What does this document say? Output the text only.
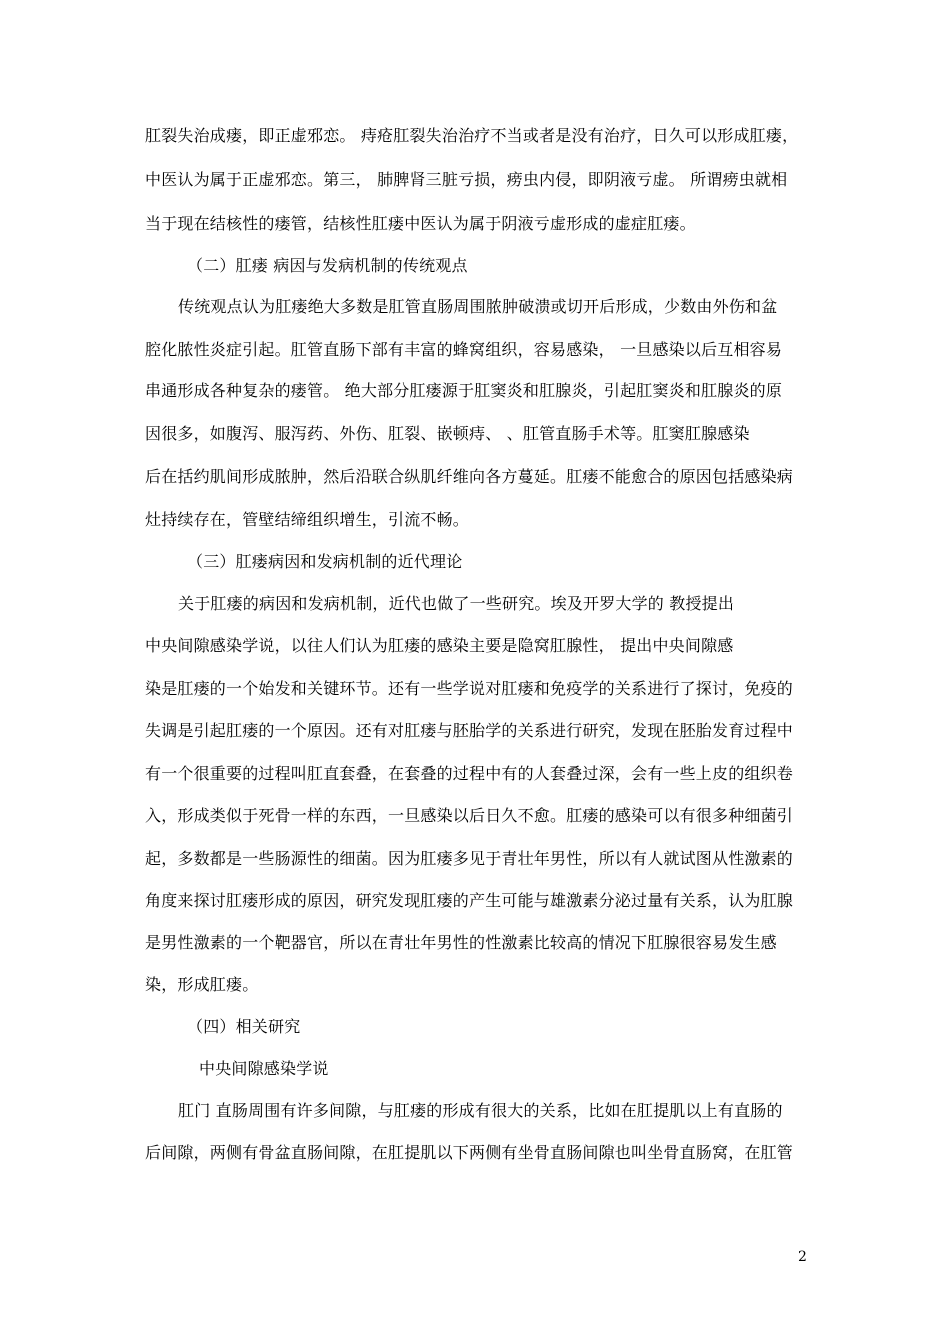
肛裂失治成瘘，即正虚邪恋。 痔疮肛裂失治治疗不当或者是没有治疗，日久可以形成肛瘘，
中医认为属于正虚邪恋。第三， 肺脾肾三脏亏损，痨虫内侵，即阴液亏虚。 所谓痨虫就相
当于现在结核性的瘘管，结核性肛瘘中医认为属于阴液亏虚形成的虚症肛瘘。
（二）肛瘘 病因与发病机制的传统观点
传统观点认为肛瘘绝大多数是肛管直肠周围脓肿破溃或切开后形成，少数由外伤和盆
腔化脓性炎症引起。肛管直肠下部有丰富的蜂窝组织，容易感染， 一旦感染以后互相容易
串通形成各种复杂的瘘管。 绝大部分肛瘘源于肛窦炎和肛腺炎，引起肛窦炎和肛腺炎的原
因很多，如腹泻、服泻药、外伤、肛裂、嵌顿痔、 、肛管直肠手术等。肛窦肛腺感染
后在括约肌间形成脓肿，然后沿联合纵肌纤维向各方蔓延。肛瘘不能愈合的原因包括感染病
灶持续存在，管壁结缔组织增生，引流不畅。
（三）肛瘘病因和发病机制的近代理论
关于肛瘘的病因和发病机制，近代也做了一些研究。埃及开罗大学的 教授提出
中央间隙感染学说，以往人们认为肛瘘的感染主要是隐窝肛腺性， 提出中央间隙感
染是肛瘘的一个始发和关键环节。还有一些学说对肛瘘和免疫学的关系进行了探讨，免疫的
失调是引起肛瘘的一个原因。还有对肛瘘与胚胎学的关系进行研究，发现在胚胎发育过程中
有一个很重要的过程叫肛直套叠，在套叠的过程中有的人套叠过深，会有一些上皮的组织卷
入，形成类似于死骨一样的东西，一旦感染以后日久不愈。肛瘘的感染可以有很多种细菌引
起，多数都是一些肠源性的细菌。因为肛瘘多见于青壮年男性，所以有人就试图从性激素的
角度来探讨肛瘘形成的原因，研究发现肛瘘的产生可能与雄激素分泌过量有关系，认为肛腺
是男性激素的一个靶器官，所以在青壮年男性的性激素比较高的情况下肛腺很容易发生感
染，形成肛瘘。
（四）相关研究
中央间隙感染学说
肛门 直肠周围有许多间隙，与肛瘘的形成有很大的关系，比如在肛提肌以上有直肠的
后间隙，两侧有骨盆直肠间隙，在肛提肌以下两侧有坐骨直肠间隙也叫坐骨直肠窝，在肛管
2
